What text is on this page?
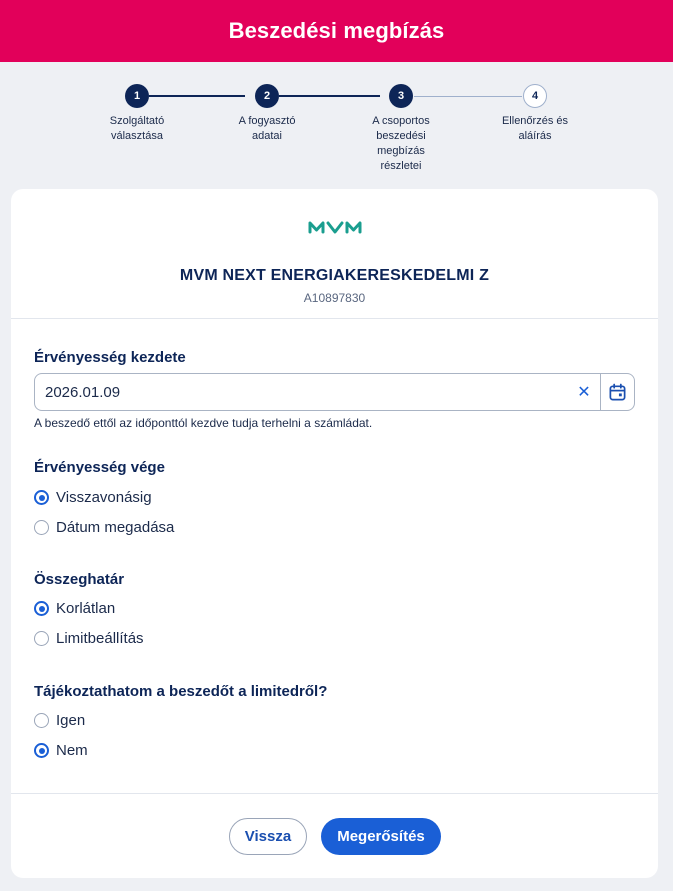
Beszedési megbízás
1
Szolgáltató
választása
2
A fogyasztó
adatai
3
A csoportos
beszedési
megbízás
részletei
4
Ellenőrzés és
aláírás
MVM NEXT ENERGIAKERESKEDELMI Z
A10897830
Érvényesség kezdete
2026.01.09
✕
A beszedő ettől az időponttól kezdve tudja terhelni a számládat.
Érvényesség vége
Visszavonásig
Dátum megadása
Összeghatár
Korlátlan
Limitbeállítás
Tájékoztathatom a beszedőt a limitedről?
Igen
Nem
Vissza	Megerősítés
